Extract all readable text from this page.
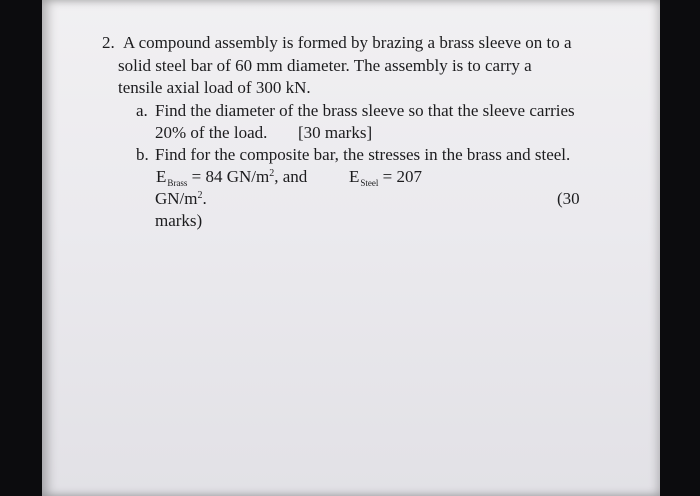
2. A compound assembly is formed by brazing a brass sleeve on to a
solid steel bar of 60 mm diameter. The assembly is to carry a
tensile axial load of 300 kN.
a. Find the diameter of the brass sleeve so that the sleeve carries
20% of the load. [30 marks]
b. Find for the composite bar, the stresses in the brass and steel.
$E_{Brass} = 84$ $GN/m^2$, and $E_{Steel} = 207$
$GN/m^2$.	(30
marks)
